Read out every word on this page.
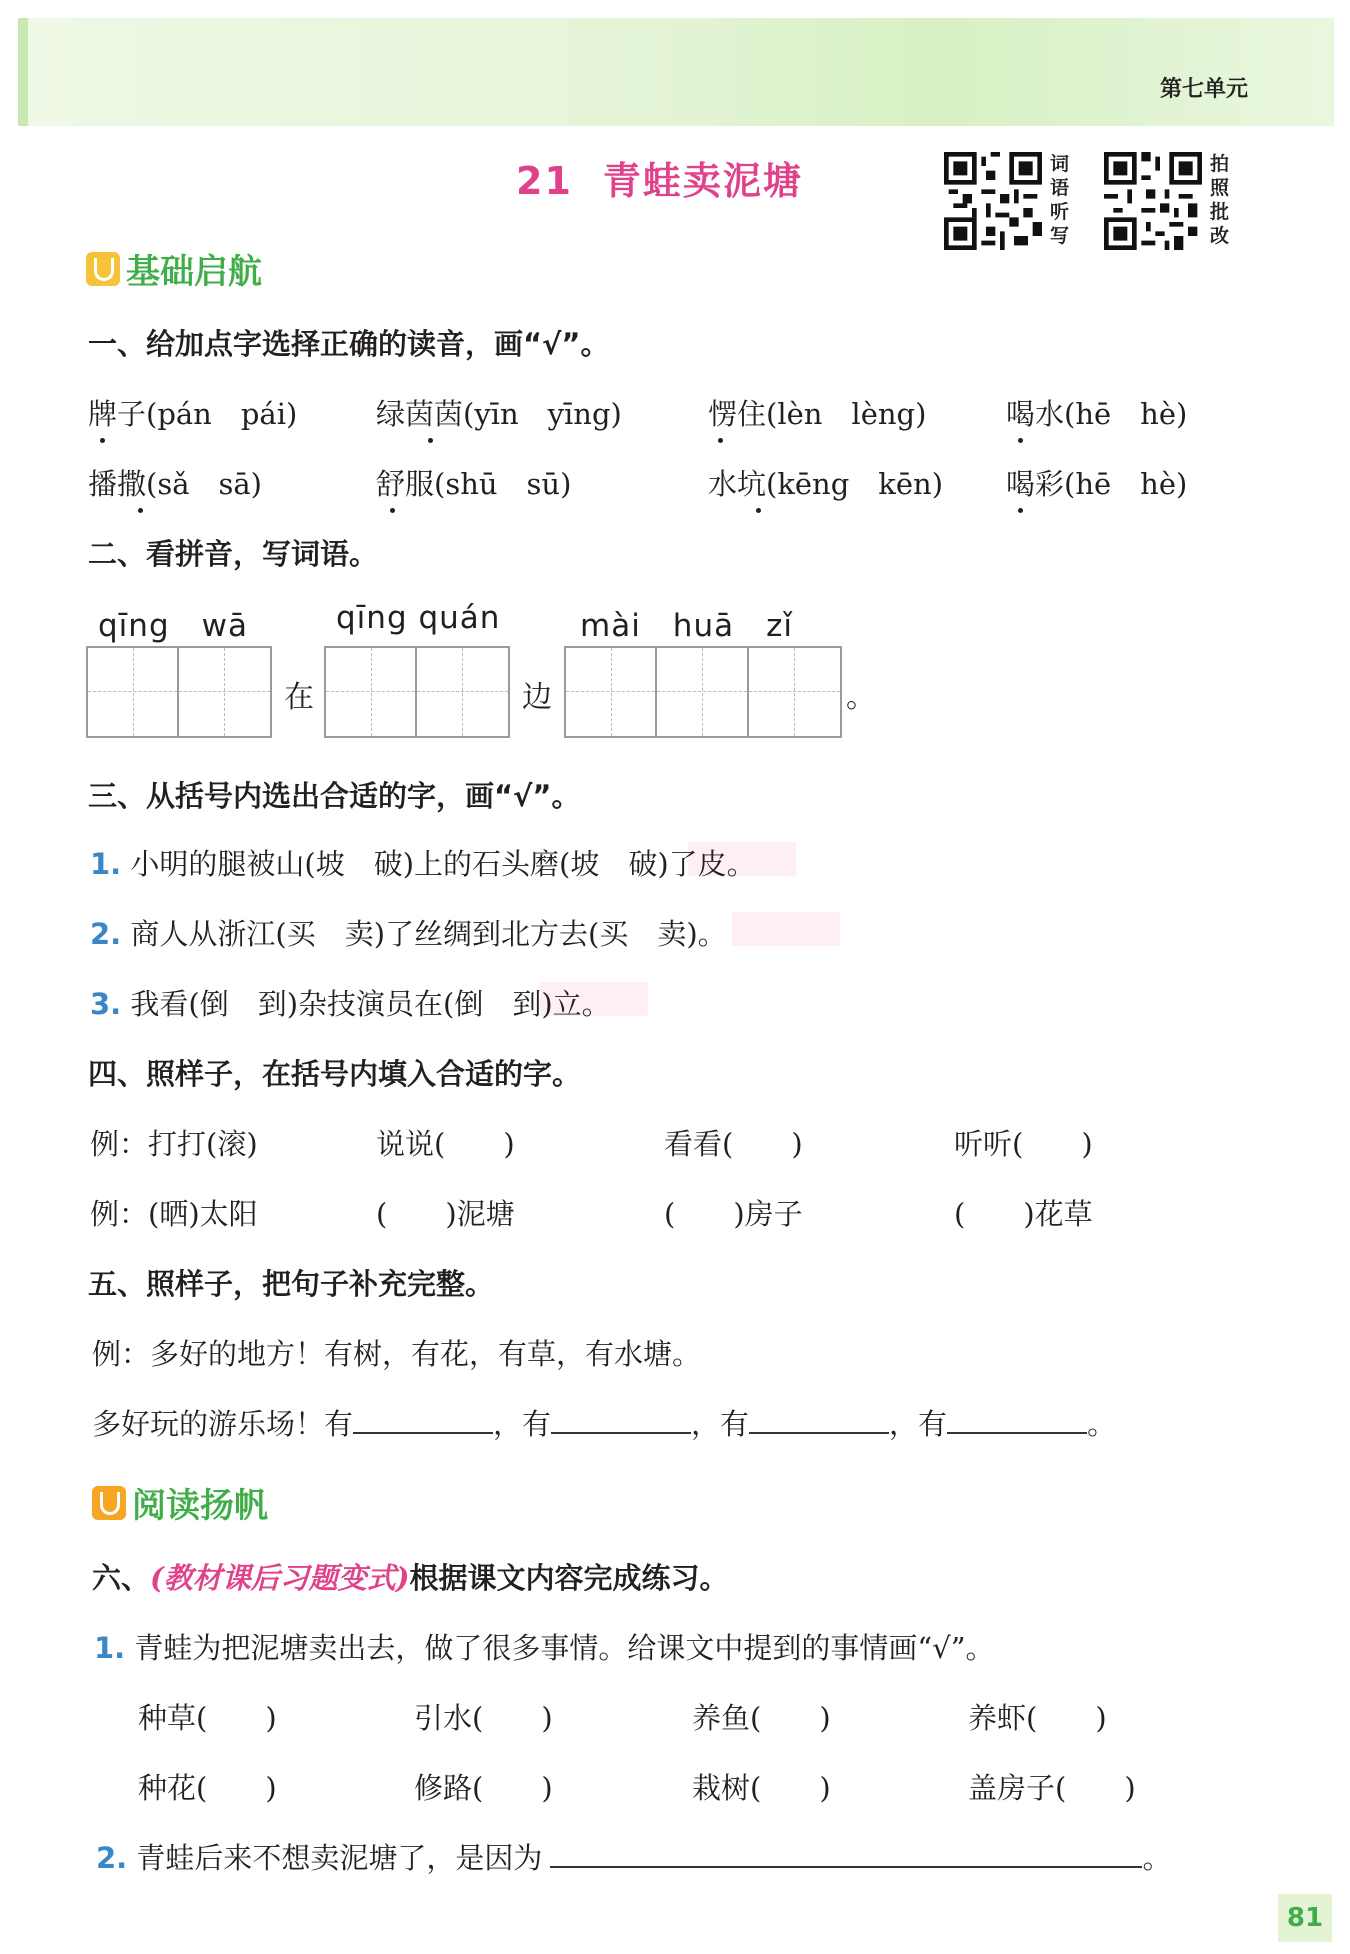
第七单元
21 青蛙卖泥塘	词语听写
拍照批改
基础启航
一、给加点字选择正确的读音，画“√”。
牌子(pán　pái)	绿茵茵(yīn　yīng)	愣住(lèn　lèng)	喝水(hē　hè)
播撒(sǎ　sā)	舒服(shū　sū)	水坑(kēng　kēn) 喝彩(hē　hè)
二、看拼音，写词语。
qīng　wā	qīng quán	mài　huā　zǐ
在	边	。
三、从括号内选出合适的字，画“√”。
1. 小明的腿被山(坡　破)上的石头磨(坡　破)了皮。
2. 商人从浙江(买　卖)了丝绸到北方去(买　卖)。
3. 我看(倒　到)杂技演员在(倒　到)立。
四、照样子，在括号内填入合适的字。
例：打打(滚)	说说(　　)	看看(　　)	听听(　　)
例：(晒)太阳	(　　)泥塘	(　　)房子	(　　)花草
五、照样子，把句子补充完整。
例：多好的地方！有树，有花，有草，有水塘。
多好玩的游乐场！有	，有	，有	，有	。
阅读扬帆
六、(教材课后习题变式)根据课文内容完成练习。
1. 青蛙为把泥塘卖出去，做了很多事情。给课文中提到的事情画“√”。
种草(　　)	引水(　　)	养鱼(　　)	养虾(　　)
种花(　　)	修路(　　)	栽树(　　)	盖房子(　　)
2. 青蛙后来不想卖泥塘了，是因为	。
81
